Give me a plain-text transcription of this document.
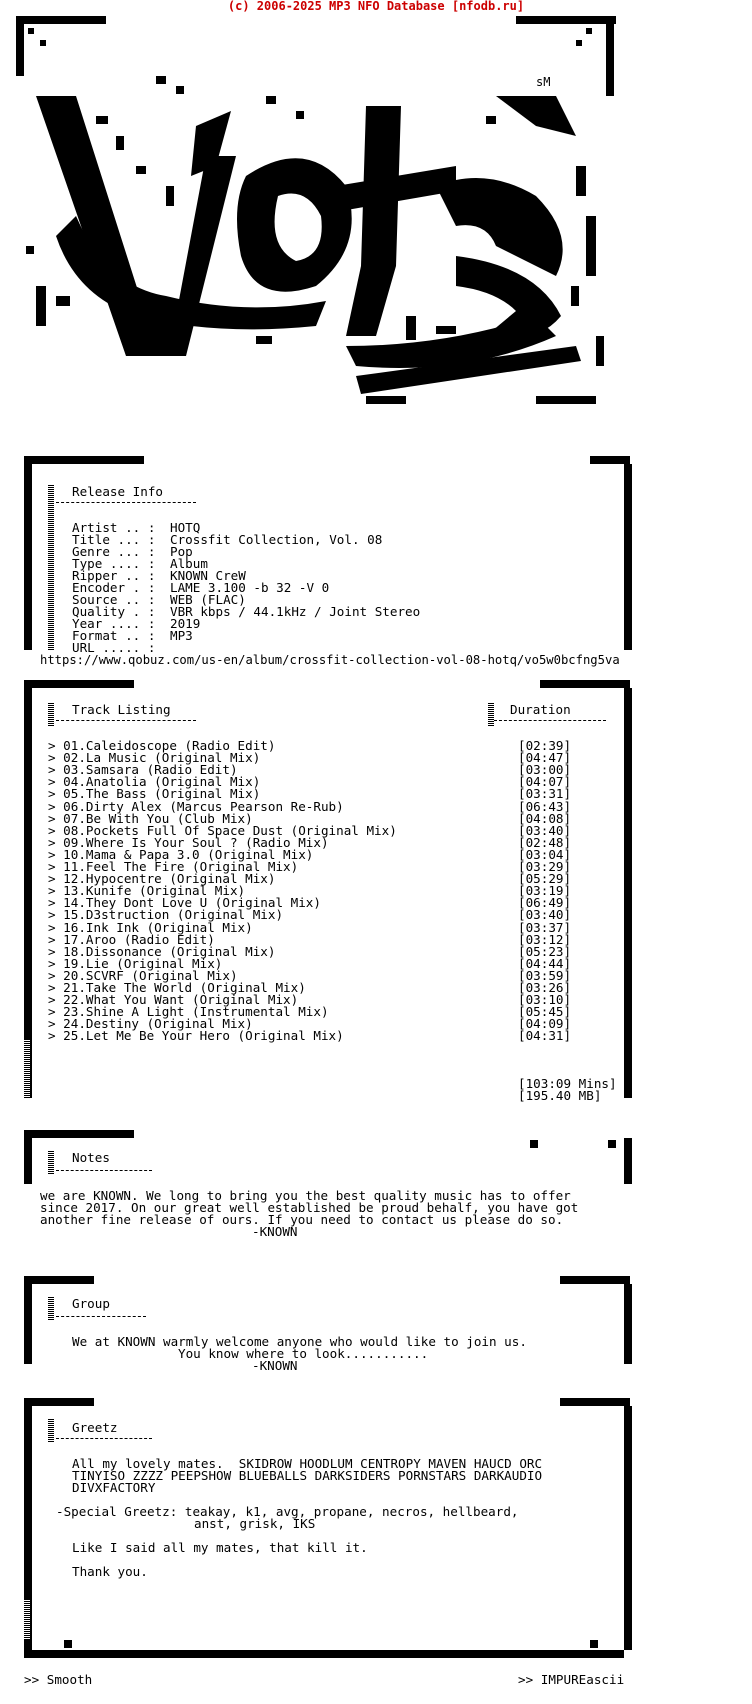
(c) 2006-2025 MP3 NFO Database [nfodb.ru]
sM
Release Info
Artist .. : HOTQ
Title ... : Crossfit Collection, Vol. 08
Genre ... : Pop
Type .... : Album
Ripper .. : KNOWN CreW
Encoder . : LAME 3.100 -b 32 -V 0
Source .. : WEB (FLAC)
Quality . : VBR kbps / 44.1kHz / Joint Stereo
Year .... : 2019
Format .. : MP3
URL ..... :
https://www.qobuz.com/us-en/album/crossfit-collection-vol-08-hotq/vo5w0bcfng5va
Track Listing	Duration
> 01.Caleidoscope (Radio Edit)	[02:39]
> 02.La Music (Original Mix)	[04:47]
> 03.Samsara (Radio Edit)	[03:00]
> 04.Anatolia (Original Mix)	[04:07]
> 05.The Bass (Original Mix)	[03:31]
> 06.Dirty Alex (Marcus Pearson Re-Rub)	[06:43]
> 07.Be With You (Club Mix)	[04:08]
> 08.Pockets Full Of Space Dust (Original Mix)	[03:40]
> 09.Where Is Your Soul ? (Radio Mix)	[02:48]
> 10.Mama & Papa 3.0 (Original Mix)	[03:04]
> 11.Feel The Fire (Original Mix)	[03:29]
> 12.Hypocentre (Original Mix)	[05:29]
> 13.Kunife (Original Mix)	[03:19]
> 14.They Dont Love U (Original Mix)	[06:49]
> 15.D3struction (Original Mix)	[03:40]
> 16.Ink Ink (Original Mix)	[03:37]
> 17.Aroo (Radio Edit)	[03:12]
> 18.Dissonance (Original Mix)	[05:23]
> 19.Lie (Original Mix)	[04:44]
> 20.SCVRF (Original Mix)	[03:59]
> 21.Take The World (Original Mix)	[03:26]
> 22.What You Want (Original Mix)	[03:10]
> 23.Shine A Light (Instrumental Mix)	[05:45]
> 24.Destiny (Original Mix)	[04:09]
> 25.Let Me Be Your Hero (Original Mix)	[04:31]
[103:09 Mins]
[195.40 MB]
Notes
we are KNOWN. We long to bring you the best quality music has to offer
since 2017. On our great well established be proud behalf, you have got
another fine release of ours. If you need to contact us please do so.
-KNOWN
Group
We at KNOWN warmly welcome anyone who would like to join us.
You know where to look...........
-KNOWN
Greetz
All my lovely mates.  SKIDROW HOODLUM CENTROPY MAVEN HAUCD ORC
TINYISO ZZZZ PEEPSHOW BLUEBALLS DARKSIDERS PORNSTARS DARKAUDIO
DIVXFACTORY
-Special Greetz: teakay, k1, avg, propane, necros, hellbeard,
anst, grisk, IKS
Like I said all my mates, that kill it.
Thank you.
>> Smooth	>> IMPUREascii
